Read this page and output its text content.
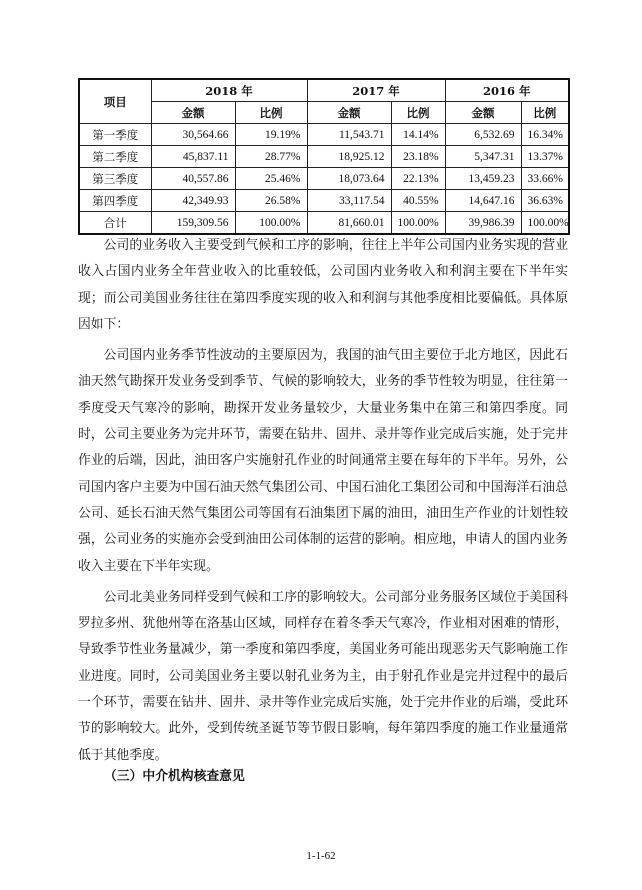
项目	2018 年		2017 年		2016 年	
	金额	比例	金额	比例	金额	比例
第一季度	30,564.66	19.19%	11,543.71	14.14%	6,532.69	16.34%
第二季度	45,837.11	28.77%	18,925.12	23.18%	5,347.31	13.37%
第三季度	40,557.86	25.46%	18,073.64	22.13%	13,459.23	33.66%
第四季度	42,349.93	26.58%	33,117.54	40.55%	14,647.16	36.63%
合计	159,309.56	100.00%	81,660.01	100.00%	39,986.39	100.00%

公司的业务收入主要受到气候和工序的影响，往往上半年公司国内业务实现的营业收入占国内业务全年营业收入的比重较低，公司国内业务收入和利润主要在下半年实现；而公司美国业务往往在第四季度实现的收入和利润与其他季度相比要偏低。具体原因如下：

公司国内业务季节性波动的主要原因为，我国的油气田主要位于北方地区，因此石油天然气勘探开发业务受到季节、气候的影响较大，业务的季节性较为明显，往往第一季度受天气寒冷的影响，勘探开发业务量较少，大量业务集中在第三和第四季度。同时，公司主要业务为完井环节，需要在钻井、固井、录井等作业完成后实施，处于完井作业的后端，因此，油田客户实施射孔作业的时间通常主要在每年的下半年。另外，公司国内客户主要为中国石油天然气集团公司、中国石油化工集团公司和中国海洋石油总公司、延长石油天然气集团公司等国有石油集团下属的油田，油田生产作业的计划性较强，公司业务的实施亦会受到油田公司体制的运营的影响。相应地，申请人的国内业务收入主要在下半年实现。

公司北美业务同样受到气候和工序的影响较大。公司部分业务服务区域位于美国科罗拉多州、犹他州等在洛基山区域，同样存在着冬季天气寒冷，作业相对困难的情形，导致季节性业务量减少，第一季度和第四季度，美国业务可能出现恶劣天气影响施工作业进度。同时，公司美国业务主要以射孔业务为主，由于射孔作业是完井过程中的最后一个环节，需要在钻井、固井、录井等作业完成后实施，处于完井作业的后端，受此环节的影响较大。此外，受到传统圣诞节等节假日影响，每年第四季度的施工作业量通常低于其他季度。

（三）中介机构核查意见
1-1-62
